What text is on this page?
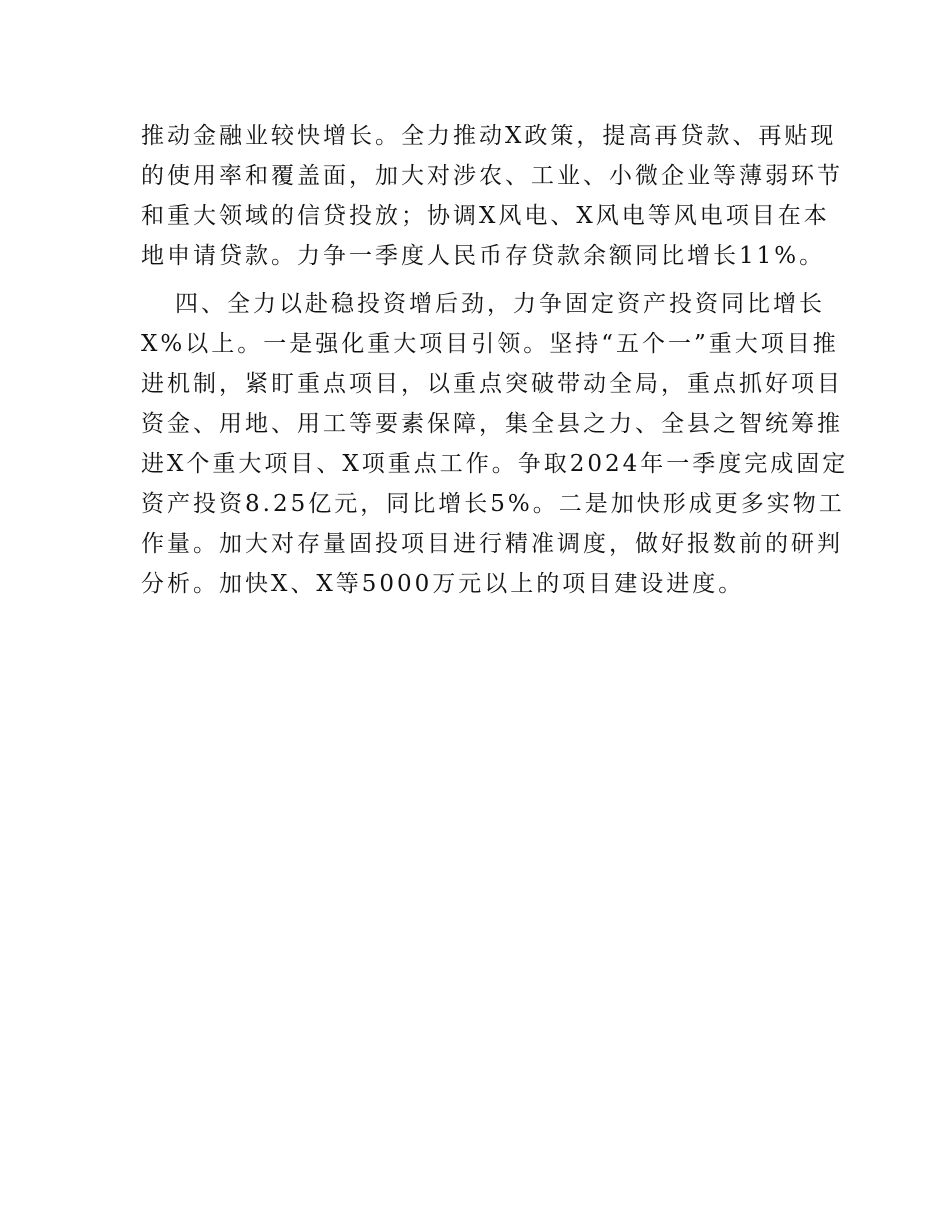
推动金融业较快增长。全力推动X政策，提高再贷款、再贴现
的使用率和覆盖面，加大对涉农、工业、小微企业等薄弱环节
和重大领域的信贷投放；协调X风电、X风电等风电项目在本
地申请贷款。力争一季度人民币存贷款余额同比增长11%。

四、全力以赴稳投资增后劲，力争固定资产投资同比增长
X%以上。一是强化重大项目引领。坚持“五个一”重大项目推
进机制，紧盯重点项目，以重点突破带动全局，重点抓好项目
资金、用地、用工等要素保障，集全县之力、全县之智统筹推
进X个重大项目、X项重点工作。争取2024年一季度完成固定
资产投资8.25亿元，同比增长5%。二是加快形成更多实物工
作量。加大对存量固投项目进行精准调度，做好报数前的研判
分析。加快X、X等5000万元以上的项目建设进度。
